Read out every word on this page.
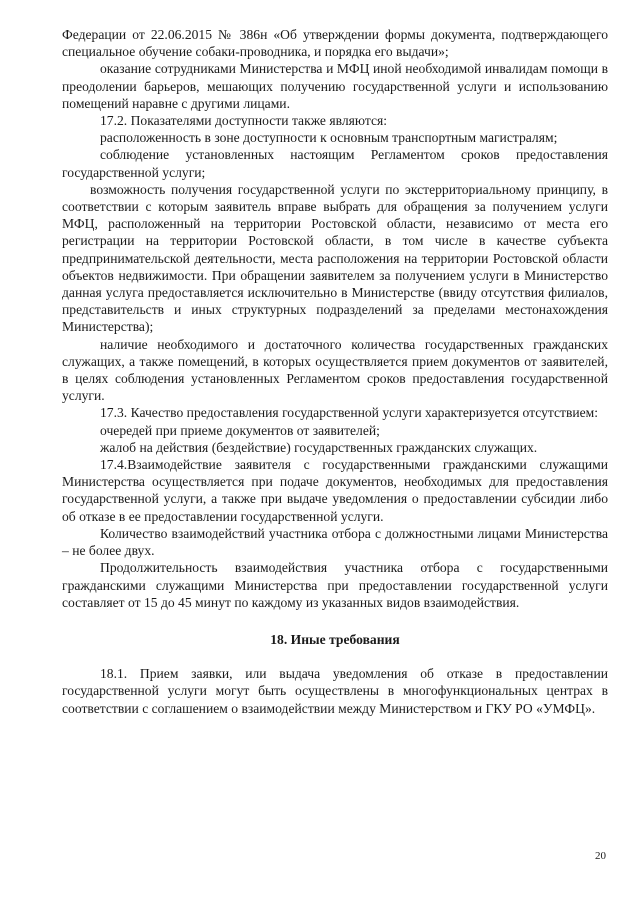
Федерации от 22.06.2015 № 386н «Об утверждении формы документа, подтверждающего специальное обучение собаки-проводника, и порядка его выдачи»;

оказание сотрудниками Министерства и МФЦ иной необходимой инвалидам помощи в преодолении барьеров, мешающих получению государственной услуги и использованию помещений наравне с другими лицами.

17.2. Показателями доступности также являются:

расположенность в зоне доступности к основным транспортным магистралям;

соблюдение установленных настоящим Регламентом сроков предоставления государственной услуги;

возможность получения государственной услуги по экстерриториальному принципу, в соответствии с которым заявитель вправе выбрать для обращения за получением услуги МФЦ, расположенный на территории Ростовской области, независимо от места его регистрации на территории Ростовской области, в том числе в качестве субъекта предпринимательской деятельности, места расположения на территории Ростовской области объектов недвижимости. При обращении заявителем за получением услуги в Министерство данная услуга предоставляется исключительно в Министерстве (ввиду отсутствия филиалов, представительств и иных структурных подразделений за пределами местонахождения Министерства);

наличие необходимого и достаточного количества государственных гражданских служащих, а также помещений, в которых осуществляется прием документов от заявителей, в целях соблюдения установленных Регламентом сроков предоставления государственной услуги.

17.3. Качество предоставления государственной услуги характеризуется отсутствием:

очередей при приеме документов от заявителей;

жалоб на действия (бездействие) государственных гражданских служащих.

17.4.Взаимодействие заявителя с государственными гражданскими служащими Министерства осуществляется при подаче документов, необходимых для предоставления государственной услуги, а также при выдаче уведомления о предоставлении субсидии либо об отказе в ее предоставлении государственной услуги.

Количество взаимодействий участника отбора с должностными лицами Министерства – не более двух.

Продолжительность взаимодействия участника отбора с государственными гражданскими служащими Министерства при предоставлении государственной услуги составляет от 15 до 45 минут по каждому из указанных видов взаимодействия.

18. Иные требования

18.1. Прием заявки, или выдача уведомления об отказе в предоставлении государственной услуги могут быть осуществлены в многофункциональных центрах в соответствии с соглашением о взаимодействии между Министерством и ГКУ РО «УМФЦ».

20
